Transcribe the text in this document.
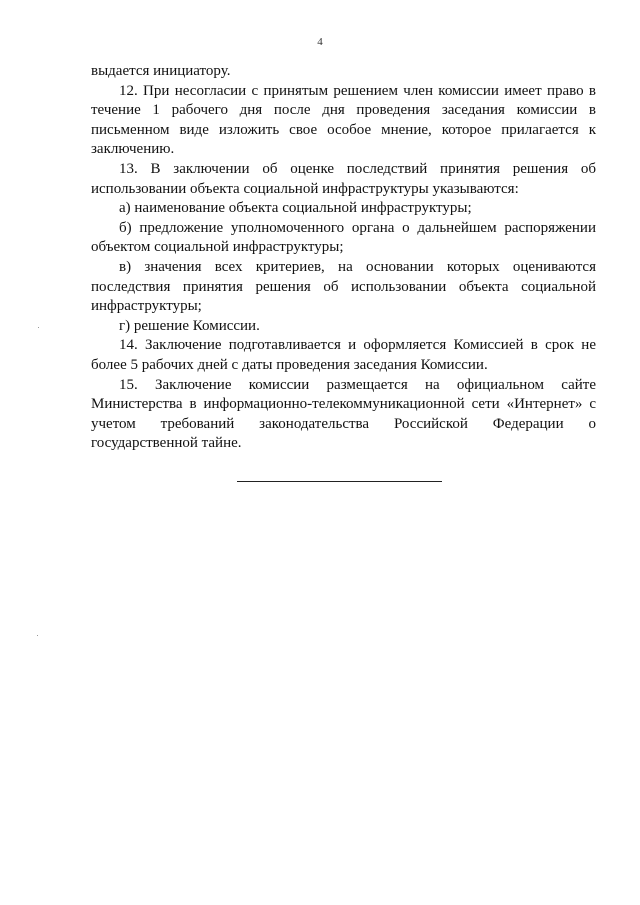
4

выдается инициатору.

12. При несогласии с принятым решением член комиссии имеет право в течение 1 рабочего дня после дня проведения заседания комиссии в письменном виде изложить свое особое мнение, которое прилагается к заключению.

13. В заключении об оценке последствий принятия решения об использовании объекта социальной инфраструктуры указываются:

а) наименование объекта социальной инфраструктуры;

б) предложение уполномоченного органа о дальнейшем распоряжении объектом социальной инфраструктуры;

в) значения всех критериев, на основании которых оцениваются последствия принятия решения об использовании объекта социальной инфраструктуры;

г) решение Комиссии.

14. Заключение подготавливается и оформляется Комиссией в срок не более 5 рабочих дней с даты проведения заседания Комиссии.

15. Заключение комиссии размещается на официальном сайте Министерства в информационно-телекоммуникационной сети «Интернет» с учетом требований законодательства Российской Федерации о государственной тайне.
